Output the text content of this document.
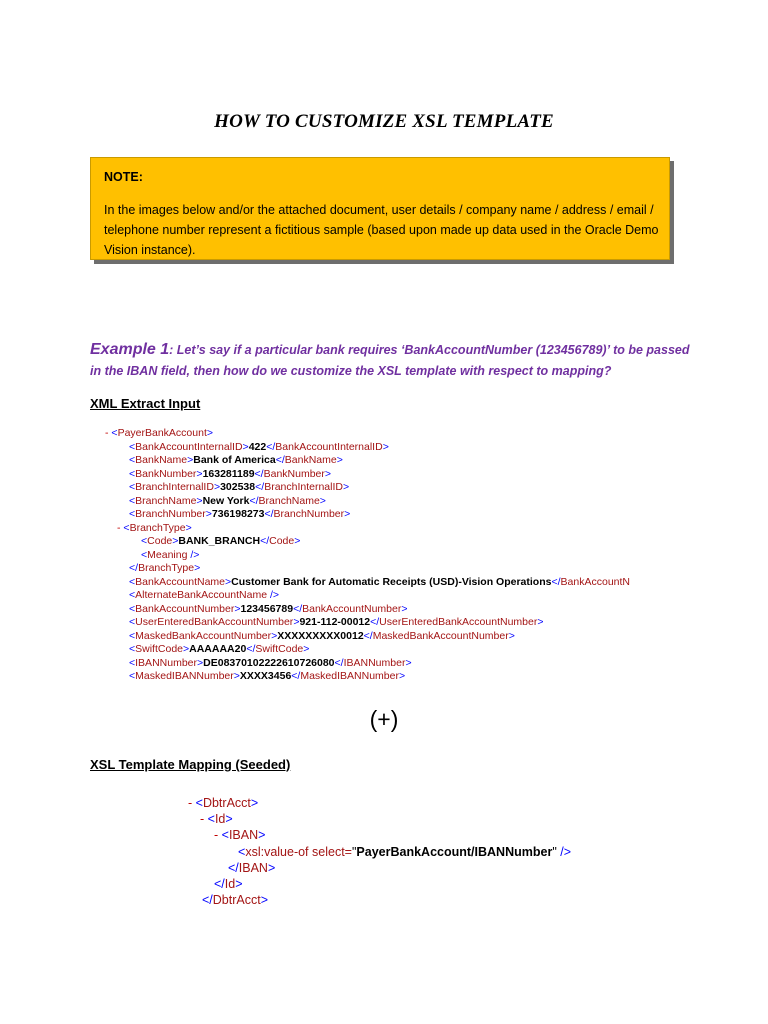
HOW TO CUSTOMIZE XSL TEMPLATE
NOTE:
In the images below and/or the attached document, user details / company name / address / email / telephone number represent a fictitious sample (based upon made up data used in the Oracle Demo Vision instance).
Example 1: Let’s say if a particular bank requires ‘BankAccountNumber (123456789)’ to be passed in the IBAN field, then how do we customize the XSL template with respect to mapping?
XML Extract Input
- <PayerBankAccount>
<BankAccountInternalID>422</BankAccountInternalID>
<BankName>Bank of America</BankName>
<BankNumber>163281189</BankNumber>
<BranchInternalID>302538</BranchInternalID>
<BranchName>New York</BranchName>
<BranchNumber>736198273</BranchNumber>
- <BranchType>
<Code>BANK_BRANCH</Code>
<Meaning />
</BranchType>
<BankAccountName>Customer Bank for Automatic Receipts (USD)-Vision Operations</BankAccountN
<AlternateBankAccountName />
<BankAccountNumber>123456789</BankAccountNumber>
<UserEnteredBankAccountNumber>921-112-00012</UserEnteredBankAccountNumber>
<MaskedBankAccountNumber>XXXXXXXXX0012</MaskedBankAccountNumber>
<SwiftCode>AAAAAA20</SwiftCode>
<IBANNumber>DE08370102222610726080</IBANNumber>
<MaskedIBANNumber>XXXX3456</MaskedIBANNumber>
(+)
XSL Template Mapping (Seeded)
- <DbtrAcct>
- <Id>
- <IBAN>
<xsl:value-of select="PayerBankAccount/IBANNumber" />
</IBAN>
</Id>
</DbtrAcct>
